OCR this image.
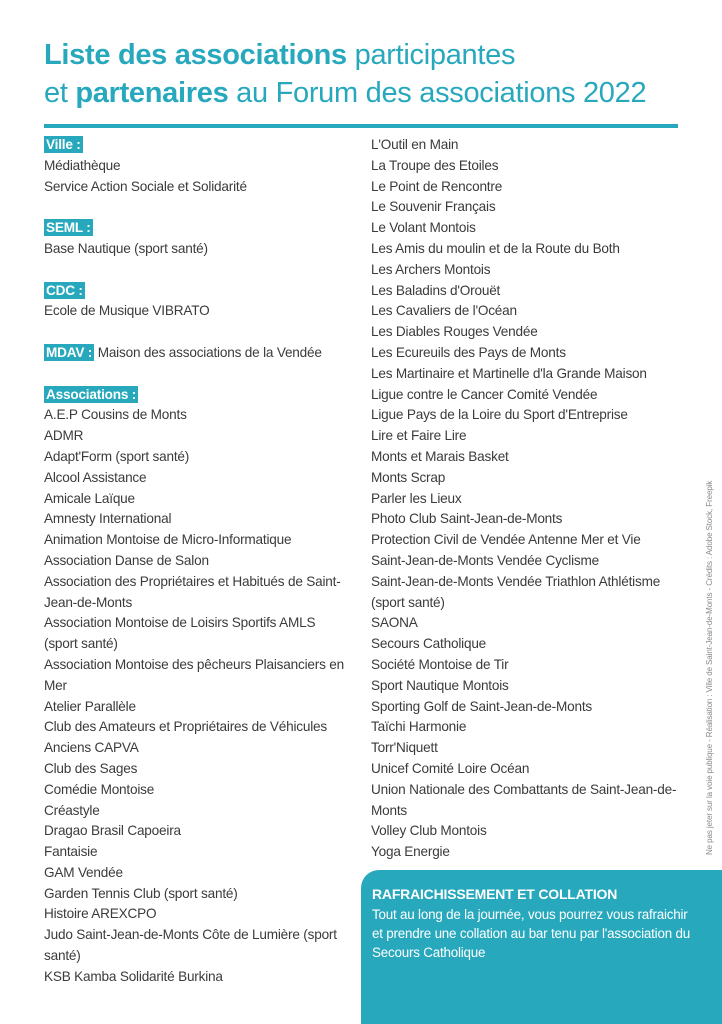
Liste des associations participantes
et partenaires au Forum des associations 2022
Ville :
Médiathèque
Service Action Sociale et Solidarité
SEML :
Base Nautique (sport santé)
CDC :
Ecole de Musique VIBRATO
MDAV : Maison des associations de la Vendée
Associations :
A.E.P Cousins de Monts
ADMR
Adapt'Form (sport santé)
Alcool Assistance
Amicale Laïque
Amnesty International
Animation Montoise de Micro-Informatique
Association Danse de Salon
Association des Propriétaires et Habitués de Saint-Jean-de-Monts
Association Montoise de Loisirs Sportifs AMLS (sport santé)
Association Montoise des pêcheurs Plaisanciers en Mer
Atelier Parallèle
Club des Amateurs et Propriétaires de Véhicules Anciens CAPVA
Club des Sages
Comédie Montoise
Créastyle
Dragao Brasil Capoeira
Fantaisie
GAM Vendée
Garden Tennis Club (sport santé)
Histoire AREXCPO
Judo Saint-Jean-de-Monts Côte de Lumière (sport santé)
KSB Kamba Solidarité Burkina
L'Outil en Main
La Troupe des Etoiles
Le Point de Rencontre
Le Souvenir Français
Le Volant Montois
Les Amis du moulin et de la Route du Both
Les Archers Montois
Les Baladins d'Orouët
Les Cavaliers de l'Océan
Les Diables Rouges Vendée
Les Ecureuils des Pays de Monts
Les Martinaire et Martinelle d'la Grande Maison
Ligue contre le Cancer Comité Vendée
Ligue Pays de la Loire du Sport d'Entreprise
Lire et Faire Lire
Monts et Marais Basket
Monts Scrap
Parler les Lieux
Photo Club Saint-Jean-de-Monts
Protection Civil de Vendée Antenne Mer et Vie
Saint-Jean-de-Monts Vendée Cyclisme
Saint-Jean-de-Monts Vendée Triathlon Athlétisme (sport santé)
SAONA
Secours Catholique
Société Montoise de Tir
Sport Nautique Montois
Sporting Golf de Saint-Jean-de-Monts
Taïchi Harmonie
Torr'Niquett
Unicef Comité Loire Océan
Union Nationale des Combattants de Saint-Jean-de-Monts
Volley Club Montois
Yoga Energie
RAFRAICHISSEMENT ET COLLATION
Tout au long de la journée, vous pourrez vous rafraichir et prendre une collation au bar tenu par l'association du Secours Catholique
Ne pas jeter sur la voie publique - Réalisation : Ville de Saint-Jean-de-Monts - Crédits : Adobe Stock, Freepik
